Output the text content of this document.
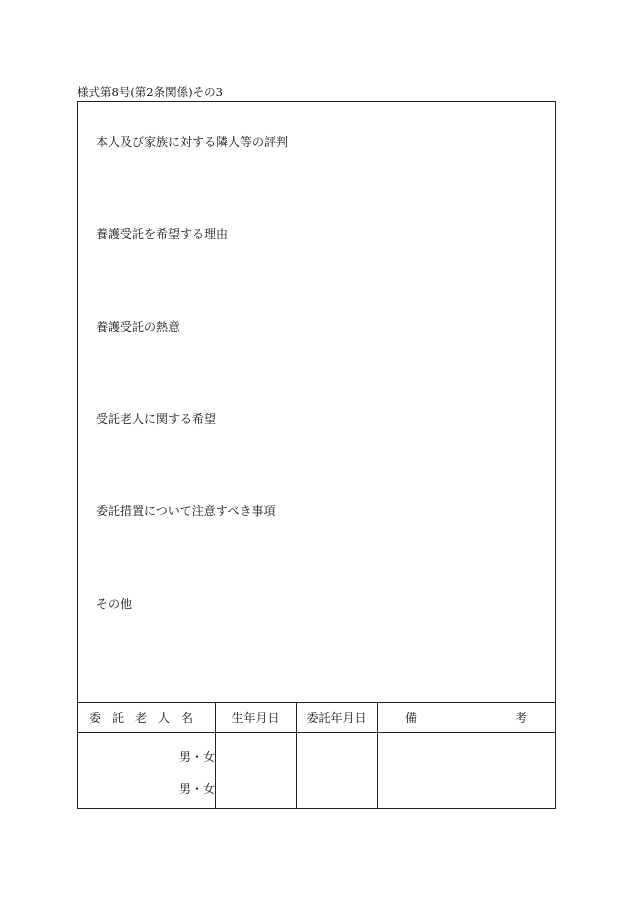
様式第8号(第2条関係)その3
本人及び家族に対する隣人等の評判
養護受託を希望する理由
養護受託の熱意
受託老人に関する希望
委託措置について注意すべき事項
その他
委託老人名	生年月日	委託年月日	備	考
男・女
男・女
